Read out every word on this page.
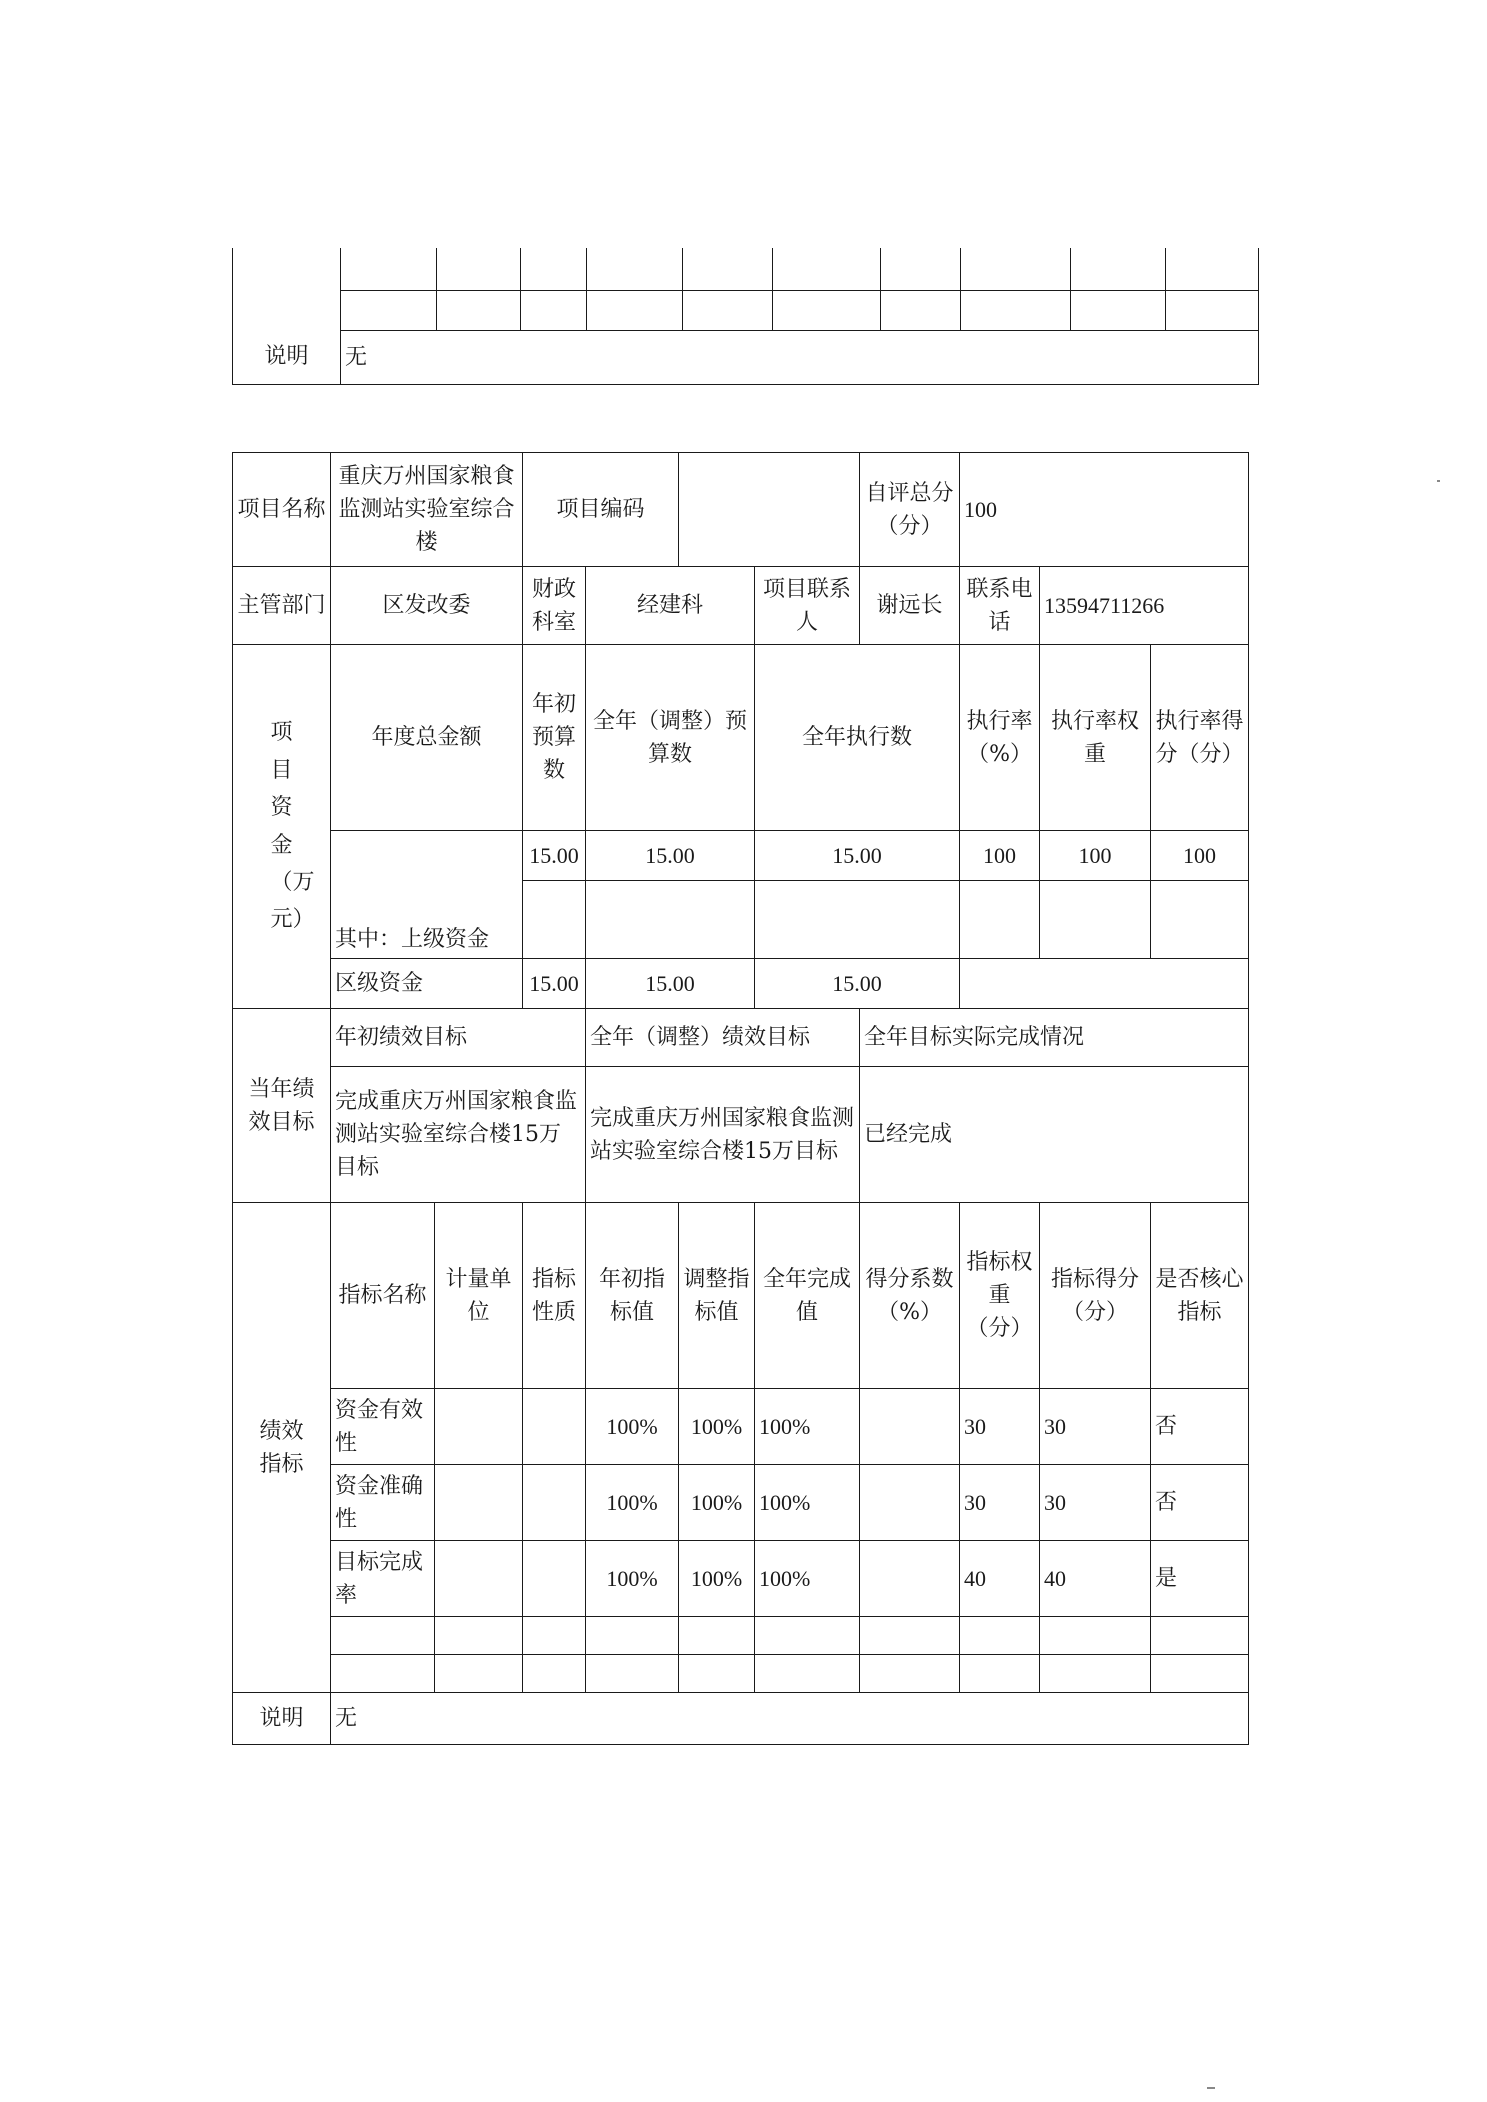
说明	无									
项目名称	重庆万州国家粮食监测站实验室综合楼		项目编码				自评总分（分）	100		
主管部门	区发改委		财政科室	经建科		项目联系人	谢远长	联系电话	13594711266	

项目资金（万元）	年度总金额		年初预算数	全年（调整）预算数		全年执行数		执行率（%）	执行率权重	执行率得分（分）
			15.00	15.00		15.00		100	100	100
	其中：上级资金									
	区级资金		15.00	15.00		15.00				

当年绩效目标	年初绩效目标			全年（调整）绩效目标			全年目标实际完成情况			
	完成重庆万州国家粮食监测站实验室综合楼15万目标			完成重庆万州国家粮食监测站实验室综合楼15万目标			已经完成			

绩效指标	指标名称	计量单位	指标性质	年初指标值	调整指标值	全年完成值	得分系数（%）	指标权重（分）	指标得分（分）	是否核心指标
	资金有效性			100%	100%	100%		30	30	否
	资金准确性			100%	100%	100%		30	30	否
	目标完成率			100%	100%	100%		40	40	是

说明	无									
